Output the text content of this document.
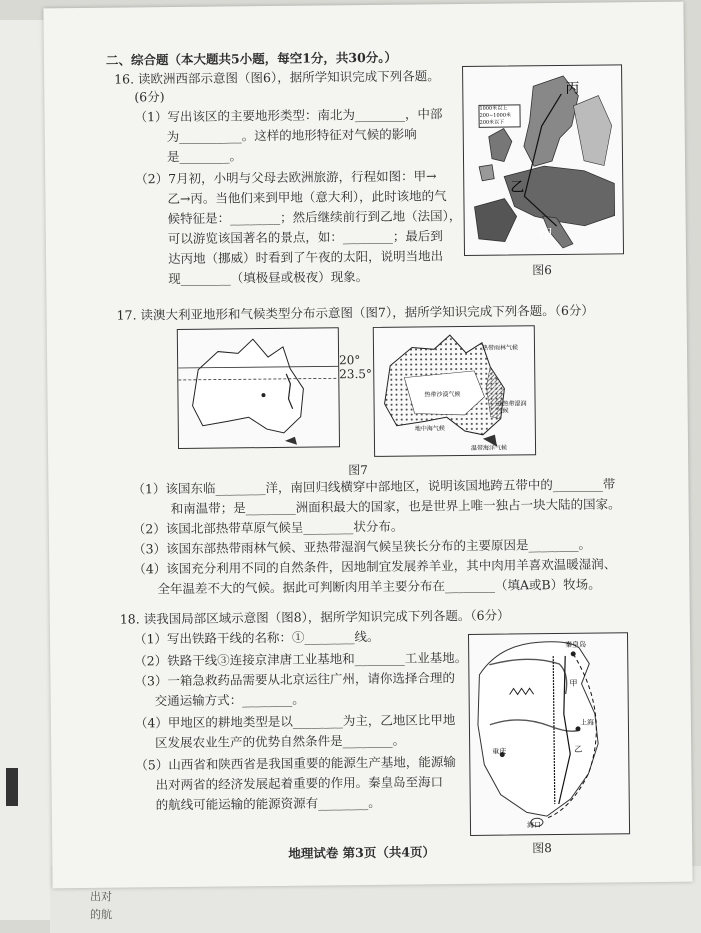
出对
的航
二、综合题（本大题共5小题，每空1分，共30分。）
16. 读欧洲西部示意图（图6），据所学知识完成下列各题。
(6分)
（1）写出该区的主要地形类型：南北为________，中部
为__________。这样的地形特征对气候的影响
是________。
（2）7月初，小明与父母去欧洲旅游，行程如图：甲→
乙→丙。当他们来到甲地（意大利），此时该地的气
候特征是：________；然后继续前行到乙地（法国），
可以游览该国著名的景点，如：________；最后到
达丙地（挪威）时看到了午夜的太阳，说明当地出
现________（填极昼或极夜）现象。
1000米以上
200~1000米
200米以下
丙
乙
甲
图6
17. 读澳大利亚地形和气候类型分布示意图（图7），据所学知识完成下列各题。（6分）
20°
23.5°
热带雨林气候
热带沙漠气候
亚热带湿润气候
地中海气候
温带海洋气候
图7
（1）该国东临________洋，南回归线横穿中部地区，说明该国地跨五带中的________带
和南温带；是________洲面积最大的国家，也是世界上唯一独占一块大陆的国家。
（2）该国北部热带草原气候呈________状分布。
（3）该国东部热带雨林气候、亚热带湿润气候呈狭长分布的主要原因是________。
（4）该国充分利用不同的自然条件，因地制宜发展养羊业，其中肉用羊喜欢温暖湿润、
全年温差不大的气候。据此可判断肉用羊主要分布在________（填A或B）牧场。
18. 读我国局部区域示意图（图8），据所学知识完成下列各题。（6分）
（1）写出铁路干线的名称：①________线。
（2）铁路干线③连接京津唐工业基地和________工业基地。
（3）一箱急救药品需要从北京运往广州，请你选择合理的
交通运输方式：________。
（4）甲地区的耕地类型是以________为主，乙地区比甲地
区发展农业生产的优势自然条件是________。
（5）山西省和陕西省是我国重要的能源生产基地，能源输
出对两省的经济发展起着重要的作用。秦皇岛至海口
的航线可能运输的能源资源有________。
秦皇岛
甲
上海
乙
重庆
海口
图8
地理试卷 第3页（共4页）
